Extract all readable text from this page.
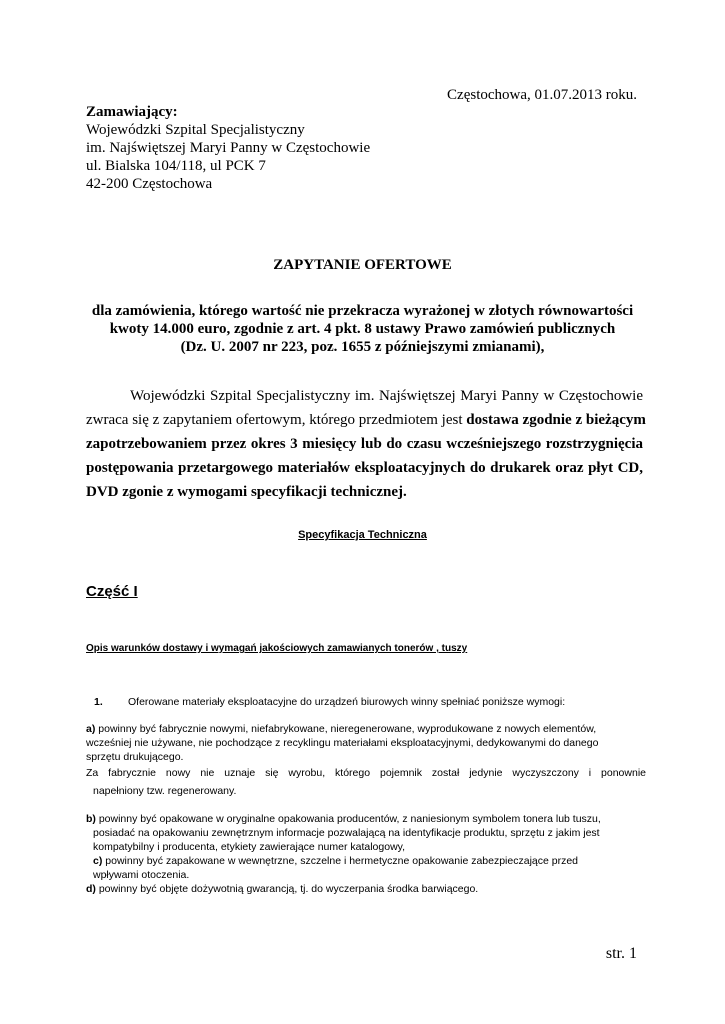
Częstochowa, 01.07.2013 roku.
Zamawiający:
Wojewódzki Szpital Specjalistyczny
im. Najświętszej Maryi Panny w Częstochowie
ul. Bialska 104/118, ul PCK 7
42-200 Częstochowa
ZAPYTANIE OFERTOWE
dla zamówienia, którego wartość nie przekracza wyrażonej w złotych równowartości
kwoty 14.000 euro, zgodnie z art. 4 pkt. 8 ustawy Prawo zamówień publicznych
(Dz. U. 2007 nr 223, poz. 1655 z późniejszymi zmianami),
Wojewódzki Szpital Specjalistyczny im. Najświętszej Maryi Panny w Częstochowie
zwraca się z zapytaniem ofertowym, którego przedmiotem jest dostawa zgodnie z bieżącym
zapotrzebowaniem przez okres 3 miesięcy lub do czasu wcześniejszego rozstrzygnięcia
postępowania przetargowego materiałów eksploatacyjnych do drukarek oraz płyt CD,
DVD zgonie z wymogami specyfikacji technicznej.
Specyfikacja Techniczna
Część I
Opis warunków dostawy i wymagań jakościowych zamawianych tonerów , tuszy
1. Oferowane materiały eksploatacyjne do urządzeń biurowych winny spełniać poniższe wymogi:
a) powinny być fabrycznie nowymi, niefabrykowane, nieregenerowane, wyprodukowane z nowych elementów,
wcześniej nie używane, nie pochodzące z recyklingu materiałami eksploatacyjnymi, dedykowanymi do danego
sprzętu drukującego.
Za fabrycznie nowy nie uznaje się wyrobu, którego pojemnik został jedynie wyczyszczony i ponownie
napełniony tzw. regenerowany.
b) powinny być opakowane w oryginalne opakowania producentów, z naniesionym symbolem tonera lub tuszu,
posiadać na opakowaniu zewnętrznym informacje pozwalającą na identyfikacje produktu, sprzętu z jakim jest
kompatybilny i producenta, etykiety zawierające numer katalogowy,
c) powinny być zapakowane w wewnętrzne, szczelne i hermetyczne opakowanie zabezpieczające przed
wpływami otoczenia.
d) powinny być objęte dożywotnią gwarancją, tj. do wyczerpania środka barwiącego.
str. 1
